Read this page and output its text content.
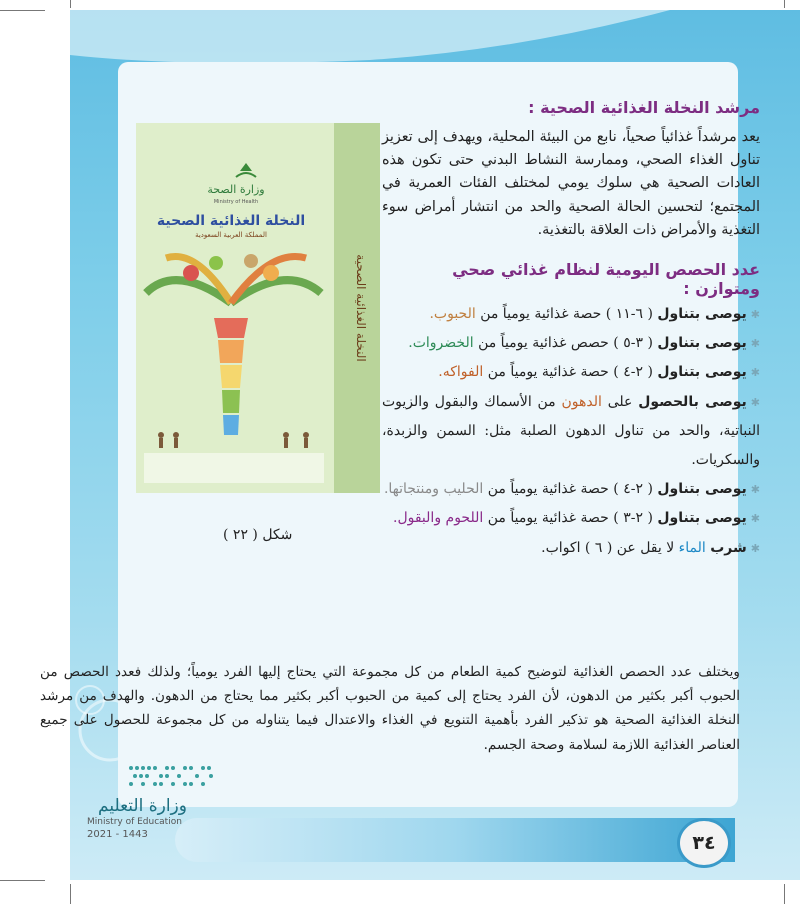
مرشد النخلة الغذائية الصحية :

يعد مرشداً غذائياً صحياً، نابع من البيئة المحلية، ويهدف إلى تعزيز تناول الغذاء الصحي، وممارسة النشاط البدني حتى تكون هذه العادات الصحية هي سلوك يومي لمختلف الفئات العمرية في المجتمع؛ لتحسين الحالة الصحية والحد من انتشار أمراض سوء التغذية والأمراض ذات العلاقة بالتغذية.

عدد الحصص اليومية لنظام غذائي صحي ومتوازن :
✱يوصى بتناول ( ٦-١١ ) حصة غذائية يومياً من الحبوب.
✱يوصى بتناول ( ٣-٥ ) حصص غذائية يومياً من الخضروات.
✱يوصى بتناول ( ٢-٤ ) حصة غذائية يومياً من الفواكه.
✱يوصى بالحصول على الدهون من الأسماك والبقول والزيوت النباتية، والحد من تناول الدهون الصلبة مثل: السمن والزبدة، والسكريات.
✱يوصى بتناول ( ٢-٤ ) حصة غذائية يومياً من الحليب ومنتجاتها.
✱يوصى بتناول ( ٢-٣ ) حصة غذائية يومياً من اللحوم والبقول.
✱شرب الماء لا يقل عن ( ٦ ) اكواب.
النخلة الغذائية الصحية
وزارة الصحة
Ministry of Health
النخلة الغذائية الصحية
المملكة العربية السعودية
شكل ( ٢٢ )

ويختلف عدد الحصص الغذائية لتوضيح كمية الطعام من كل مجموعة التي يحتاج إليها الفرد يومياً؛ ولذلك فعدد الحصص من الحبوب أكبر بكثير من الدهون، لأن الفرد يحتاج إلى كمية من الحبوب أكبر بكثير مما يحتاج من الدهون. والهدف من مرشد النخلة الغذائية الصحية هو تذكير الفرد بأهمية التنويع في الغذاء والاعتدال فيما يتناوله من كل مجموعة للحصول على جميع العناصر الغذائية اللازمة لسلامة وصحة الجسم.

٣٤
وزارة التعليم
Ministry of Education
2021 - 1443
